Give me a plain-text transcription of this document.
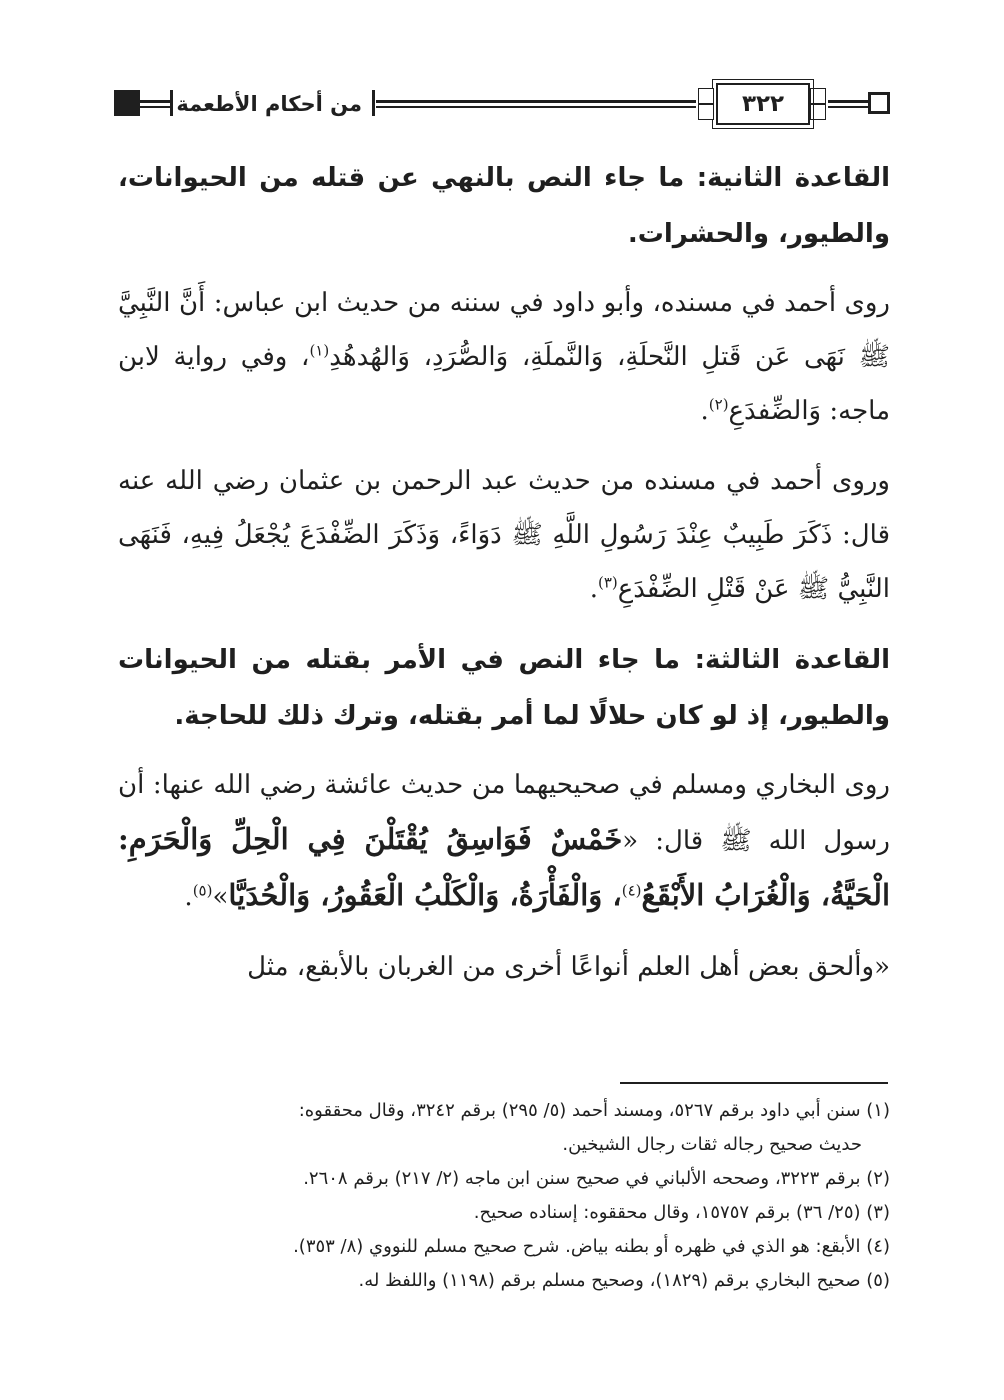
٣٢٢
من أحكام الأطعمة

القاعدة الثانية: ما جاء النص بالنهي عن قتله من الحيوانات، والطيور، والحشرات.

روى أحمد في مسنده، وأبو داود في سننه من حديث ابن عباس: أَنَّ النَّبِيَّ ﷺ نَهَى عَن قَتلِ النَّحلَةِ، وَالنَّملَةِ، وَالصُّرَدِ، وَالهُدهُدِ$^{(١)}$، وفي رواية لابن ماجه: وَالضِّفدَعِ$^{(٢)}$.

وروى أحمد في مسنده من حديث عبد الرحمن بن عثمان رضي الله عنه قال: ذَكَرَ طَبِيبٌ عِنْدَ رَسُولِ اللَّهِ ﷺ دَوَاءً، وَذَكَرَ الضِّفْدَعَ يُجْعَلُ فِيهِ، فَنَهَى النَّبِيُّ ﷺ عَنْ قَتْلِ الضِّفْدَعِ$^{(٣)}$.

القاعدة الثالثة: ما جاء النص في الأمر بقتله من الحيوانات والطيور، إذ لو كان حلالًا لما أمر بقتله، وترك ذلك للحاجة.

روى البخاري ومسلم في صحيحيهما من حديث عائشة رضي الله عنها: أن رسول الله ﷺ قال: «خَمْسٌ فَوَاسِقُ يُقْتَلْنَ فِي الْحِلِّ وَالْحَرَمِ: الْحَيَّةُ، وَالْغُرَابُ الأَبْقَعُ$^{(٤)}$، وَالْفَأْرَةُ، وَالْكَلْبُ الْعَقُورُ، وَالْحُدَيَّا»$^{(٥)}$.

«وألحق بعض أهل العلم أنواعًا أخرى من الغربان بالأبقع، مثل

(١) سنن أبي داود برقم ٥٢٦٧، ومسند أحمد (٥/ ٢٩٥) برقم ٣٢٤٢، وقال محققوه:

حديث صحيح رجاله ثقات رجال الشيخين.

(٢) برقم ٣٢٢٣، وصححه الألباني في صحيح سنن ابن ماجه (٢/ ٢١٧) برقم ٢٦٠٨.

(٣) (٢٥/ ٣٦) برقم ١٥٧٥٧، وقال محققوه: إسناده صحيح.

(٤) الأبقع: هو الذي في ظهره أو بطنه بياض. شرح صحيح مسلم للنووي (٨/ ٣٥٣).

(٥) صحيح البخاري برقم (١٨٢٩)، وصحيح مسلم برقم (١١٩٨) واللفظ له.
